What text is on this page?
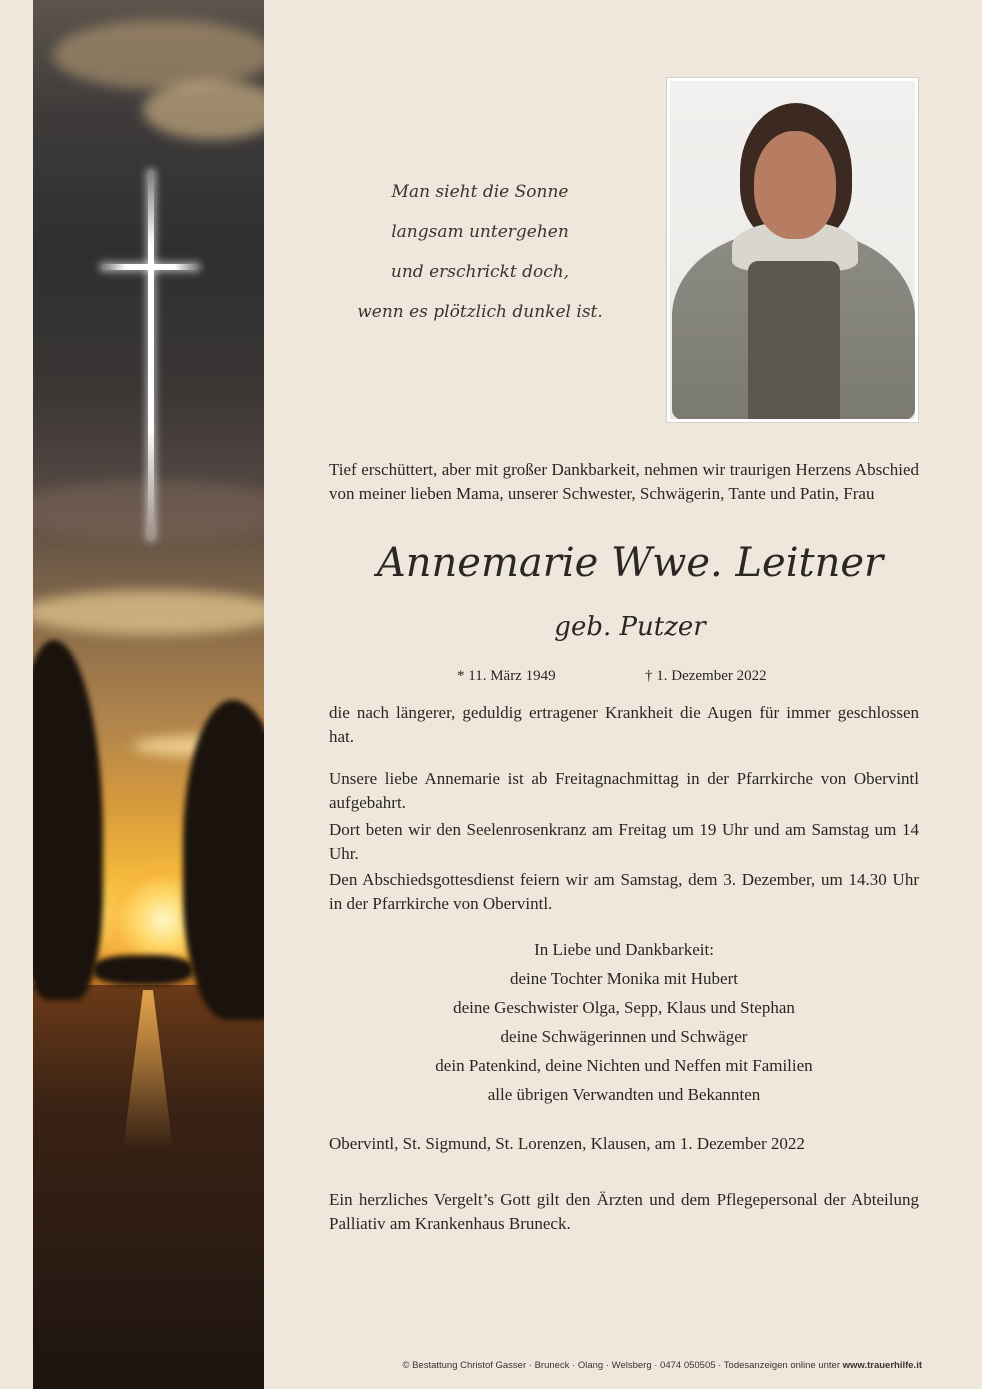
Man sieht die Sonne
langsam untergehen
und erschrickt doch,
wenn es plötzlich dunkel ist.
Tief erschüttert, aber mit großer Dankbarkeit, nehmen wir traurigen Herzens Abschied von meiner lieben Mama, unserer Schwester, Schwägerin, Tante und Patin, Frau
Annemarie Wwe. Leitner
geb. Putzer
* 11. März 1949	† 1. Dezember 2022
die nach längerer, geduldig ertragener Krankheit die Augen für immer geschlossen hat.
Unsere liebe Annemarie ist ab Freitagnachmittag in der Pfarrkirche von Obervintl aufgebahrt.
Dort beten wir den Seelenrosenkranz am Freitag um 19 Uhr und am Samstag um 14 Uhr.
Den Abschiedsgottesdienst feiern wir am Samstag, dem 3. Dezember, um 14.30 Uhr in der Pfarrkirche von Obervintl.
In Liebe und Dankbarkeit:
deine Tochter Monika mit Hubert
deine Geschwister Olga, Sepp, Klaus und Stephan
deine Schwägerinnen und Schwäger
dein Patenkind, deine Nichten und Neffen mit Familien
alle übrigen Verwandten und Bekannten
Obervintl, St. Sigmund, St. Lorenzen, Klausen, am 1. Dezember 2022
Ein herzliches Vergelt’s Gott gilt den Ärzten und dem Pflegepersonal der Abteilung Palliativ am Krankenhaus Bruneck.
© Bestattung Christof Gasser · Bruneck · Olang · Welsberg · 0474 050505 · Todesanzeigen online unter www.trauerhilfe.it
